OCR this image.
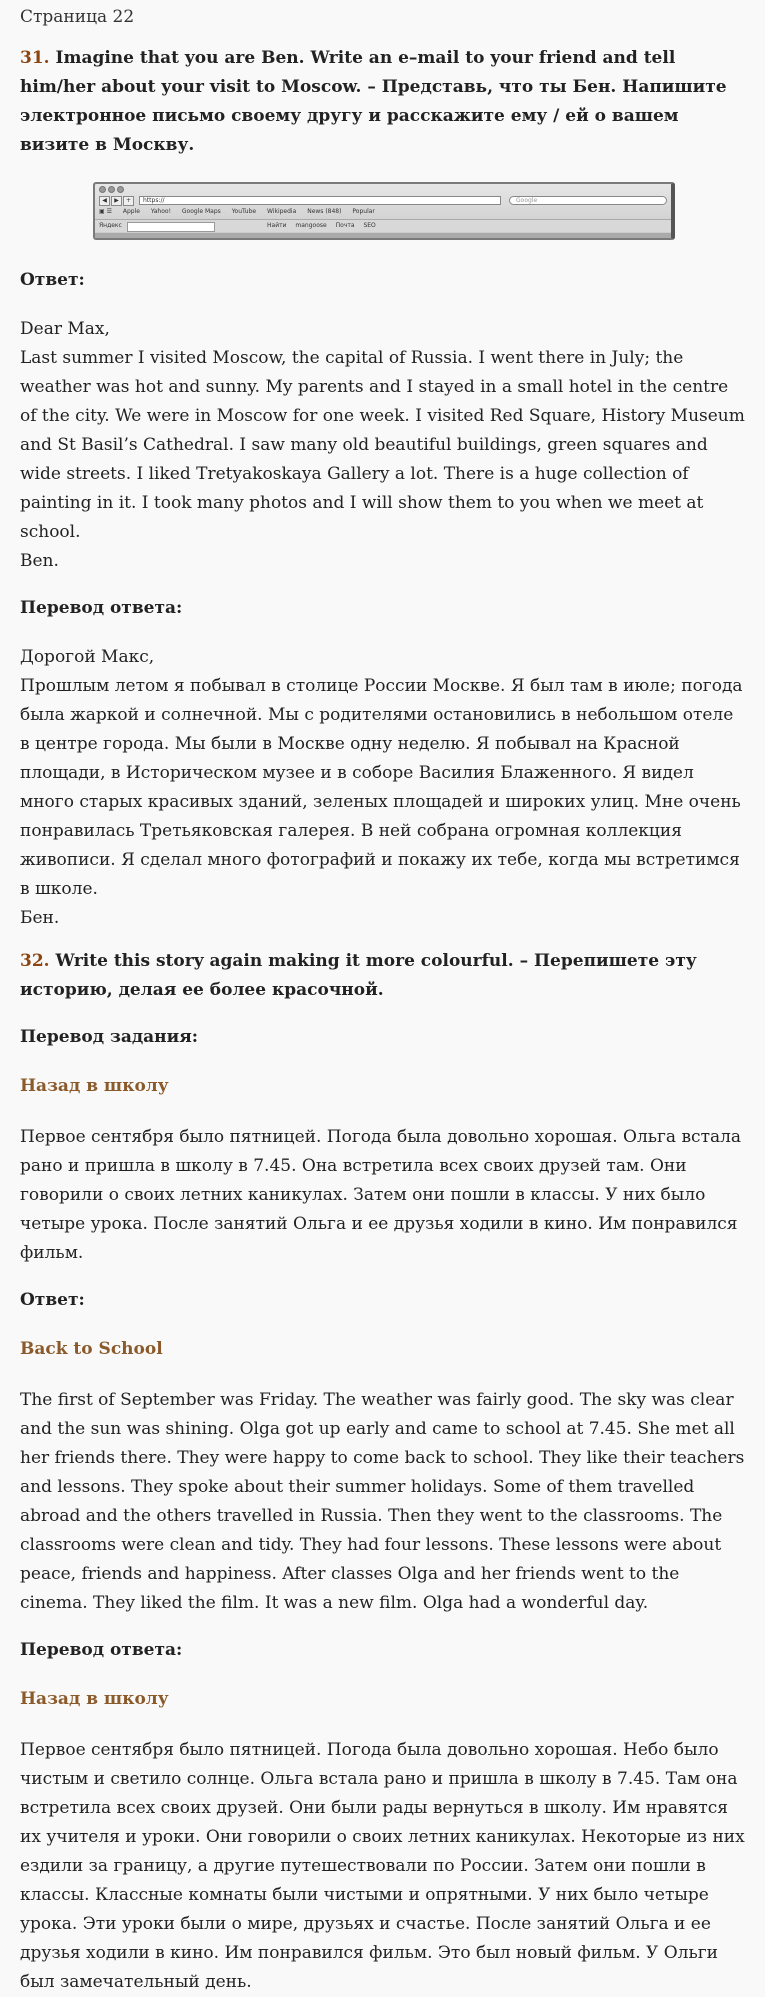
Страница 22
31. Imagine that you are Ben. Write an e–mail to your friend and tell him/her about your visit to Moscow. – Представь, что ты Бен. Напишите электронное письмо своему другу и расскажите ему / ей о вашем визите в Москву.
◀ ▶ +	https://	Google
▣ ☰ Apple Yahoo! Google Maps YouTube Wikipedia News (848) Popular
Яндекс	Найти mangoose Почта SEO
Ответ:

Dear Max,

Last summer I visited Moscow, the capital of Russia. I went there in July; the weather was hot and sunny. My parents and I stayed in a small hotel in the centre of the city. We were in Moscow for one week. I visited Red Square, History Museum and St Basil’s Cathedral. I saw many old beautiful buildings, green squares and wide streets. I liked Tretyakoskaya Gallery a lot. There is a huge collection of painting in it. I took many photos and I will show them to you when we meet at school.

Ben.

Перевод ответа:

Дорогой Макс,

Прошлым летом я побывал в столице России Москве. Я был там в июле; погода была жаркой и солнечной. Мы с родителями остановились в небольшом отеле в центре города. Мы были в Москве одну неделю. Я побывал на Красной площади, в Историческом музее и в соборе Василия Блаженного. Я видел много старых красивых зданий, зеленых площадей и широких улиц. Мне очень понравилась Третьяковская галерея. В ней собрана огромная коллекция живописи. Я сделал много фотографий и покажу их тебе, когда мы встретимся в школе.

Бен.

32. Write this story again making it more colourful. – Перепишете эту историю, делая ее более красочной.
Перевод задания:
Назад в школу

Первое сентября было пятницей. Погода была довольно хорошая. Ольга встала рано и пришла в школу в 7.45. Она встретила всех своих друзей там. Они говорили о своих летних каникулах. Затем они пошли в классы. У них было четыре урока. После занятий Ольга и ее друзья ходили в кино. Им понравился фильм.

Ответ:
Back to School

The first of September was Friday. The weather was fairly good. The sky was clear and the sun was shining. Olga got up early and came to school at 7.45. She met all her friends there. They were happy to come back to school. They like their teachers and lessons. They spoke about their summer holidays. Some of them travelled abroad and the others travelled in Russia. Then they went to the classrooms. The classrooms were clean and tidy. They had four lessons. These lessons were about peace, friends and happiness. After classes Olga and her friends went to the cinema. They liked the film. It was a new film. Olga had a wonderful day.

Перевод ответа:
Назад в школу

Первое сентября было пятницей. Погода была довольно хорошая. Небо было чистым и светило солнце. Ольга встала рано и пришла в школу в 7.45. Там она встретила всех своих друзей. Они были рады вернуться в школу. Им нравятся их учителя и уроки. Они говорили о своих летних каникулах. Некоторые из них ездили за границу, а другие путешествовали по России. Затем они пошли в классы. Классные комнаты были чистыми и опрятными. У них было четыре урока. Эти уроки были о мире, друзьях и счастье. После занятий Ольга и ее друзья ходили в кино. Им понравился фильм. Это был новый фильм. У Ольги был замечательный день.
